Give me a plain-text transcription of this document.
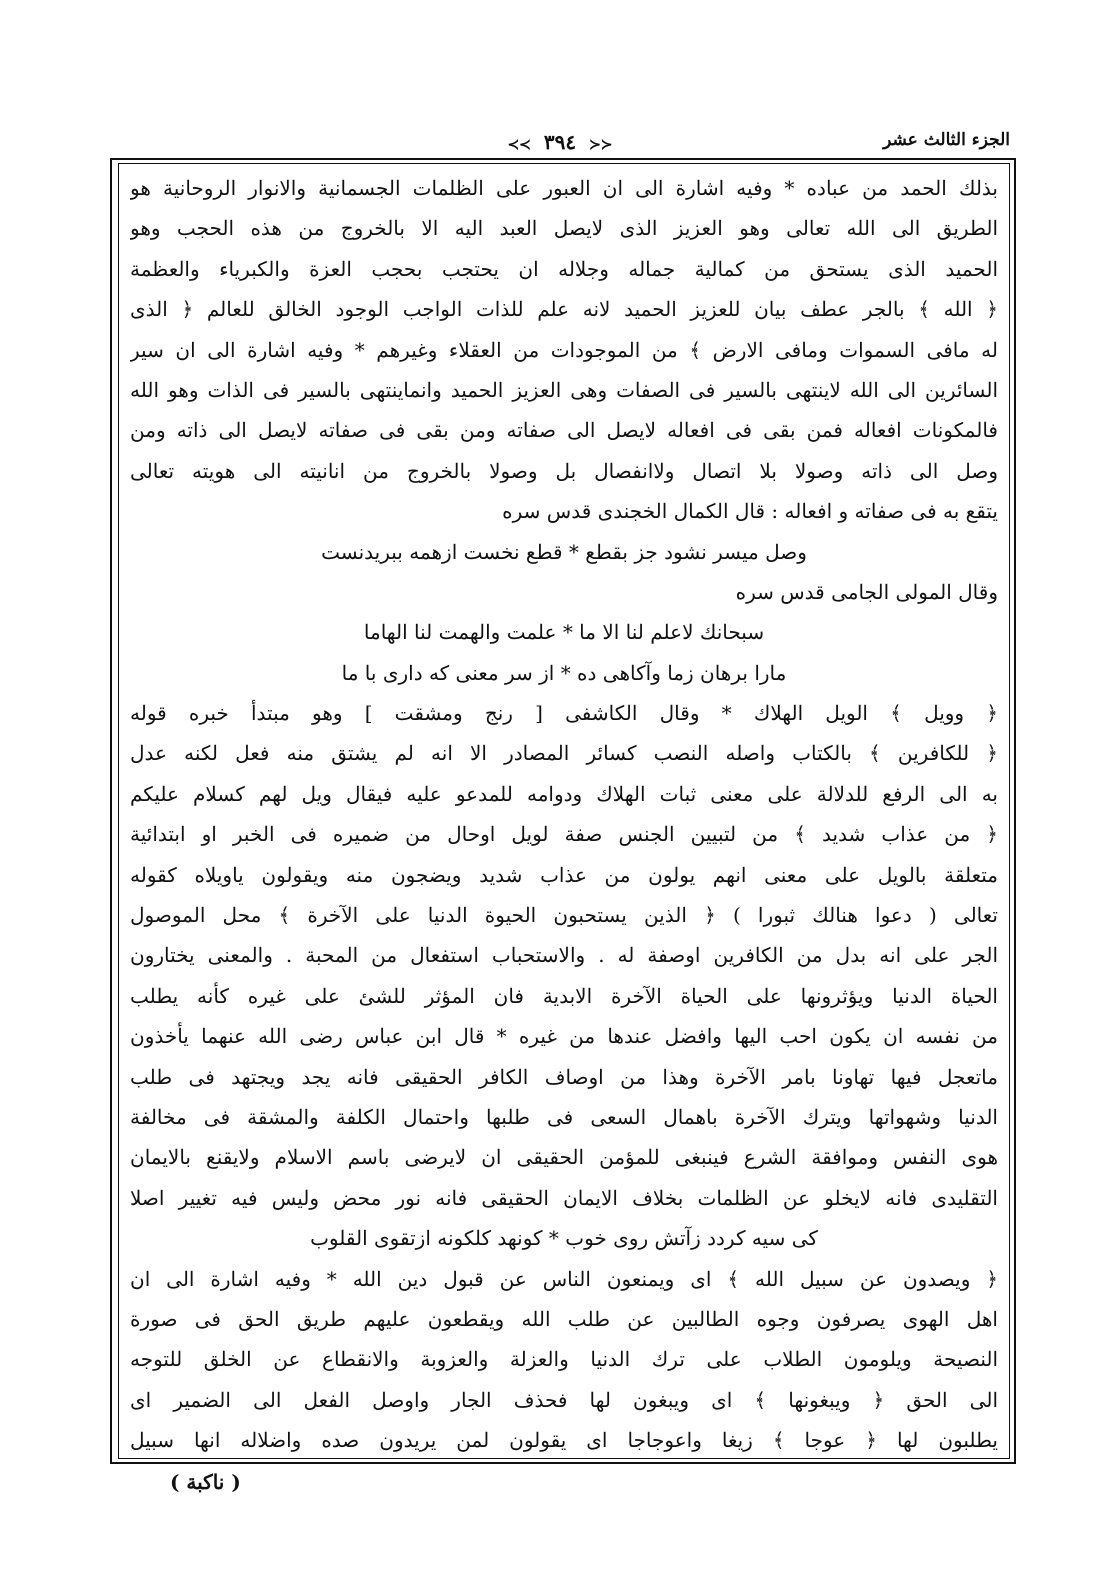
الجزء الثالث عشر
≺≺ ٣٩٤ ≻≻
بذلك الحمد من عباده * وفيه اشارة الى ان العبور على الظلمات الجسمانية والانوار الروحانية هو
الطريق الى الله تعالى وهو العزيز الذى لايصل العبد اليه الا بالخروج من هذه الحجب وهو
الحميد الذى يستحق من كمالية جماله وجلاله ان يحتجب بحجب العزة والكبرياء والعظمة
﴿ الله ﴾ بالجر عطف بيان للعزيز الحميد لانه علم للذات الواجب الوجود الخالق للعالم ﴿ الذى
له مافى السموات ومافى الارض ﴾ من الموجودات من العقلاء وغيرهم * وفيه اشارة الى ان سير
السائرين الى الله لاينتهى بالسير فى الصفات وهى العزيز الحميد وانماينتهى بالسير فى الذات وهو الله
فالمكونات افعاله فمن بقى فى افعاله لايصل الى صفاته ومن بقى فى صفاته لايصل الى ذاته ومن
وصل الى ذاته وصولا بلا اتصال ولاانفصال بل وصولا بالخروج من انانيته الى هويته تعالى
يتقع به فى صفاته و افعاله : قال الكمال الخجندى قدس سره
وصل ميسر نشود جز بقطع * قطع نخست ازهمه ببريدنست
وقال المولى الجامى قدس سره
سبحانك لاعلم لنا الا ما * علمت والهمت لنا الهاما
مارا برهان زما وآكاهى ده * از سر معنى كه دارى با ما
﴿ وويل ﴾ الويل الهلاك * وقال الكاشفى [ رنج ومشقت ] وهو مبتدأ خبره قوله
﴿ للكافرين ﴾ بالكتاب واصله النصب كسائر المصادر الا انه لم يشتق منه فعل لكنه عدل
به الى الرفع للدلالة على معنى ثبات الهلاك ودوامه للمدعو عليه فيقال ويل لهم كسلام عليكم
﴿ من عذاب شديد ﴾ من لتبيين الجنس صفة لويل اوحال من ضميره فى الخبر او ابتدائية
متعلقة بالويل على معنى انهم يولون من عذاب شديد ويضجون منه ويقولون ياويلاه كقوله
تعالى ( دعوا هنالك ثبورا ) ﴿ الذين يستحبون الحيوة الدنيا على الآخرة ﴾ محل الموصول
الجر على انه بدل من الكافرين اوصفة له . والاستحباب استفعال من المحبة . والمعنى يختارون
الحياة الدنيا ويؤثرونها على الحياة الآخرة الابدية فان المؤثر للشئ على غيره كأنه يطلب
من نفسه ان يكون احب اليها وافضل عندها من غيره * قال ابن عباس رضى الله عنهما يأخذون
ماتعجل فيها تهاونا بامر الآخرة وهذا من اوصاف الكافر الحقيقى فانه يجد ويجتهد فى طلب
الدنيا وشهواتها ويترك الآخرة باهمال السعى فى طلبها واحتمال الكلفة والمشقة فى مخالفة
هوى النفس وموافقة الشرع فينبغى للمؤمن الحقيقى ان لايرضى باسم الاسلام ولايقنع بالايمان
التقليدى فانه لايخلو عن الظلمات بخلاف الايمان الحقيقى فانه نور محض وليس فيه تغيير اصلا
كى سيه كردد زآتش روى خوب * كونهد كلكونه ازتقوى القلوب
﴿ ويصدون عن سبيل الله ﴾ اى ويمنعون الناس عن قبول دين الله * وفيه اشارة الى ان
اهل الهوى يصرفون وجوه الطالبين عن طلب الله ويقطعون عليهم طريق الحق فى صورة
النصيحة ويلومون الطلاب على ترك الدنيا والعزلة والعزوبة والانقطاع عن الخلق للتوجه
الى الحق ﴿ ويبغونها ﴾ اى ويبغون لها فحذف الجار واوصل الفعل الى الضمير اى
يطلبون لها ﴿ عوجا ﴾ زيغا واعوجاجا اى يقولون لمن يريدون صده واضلاله انها سبيل
( ناكبة )
